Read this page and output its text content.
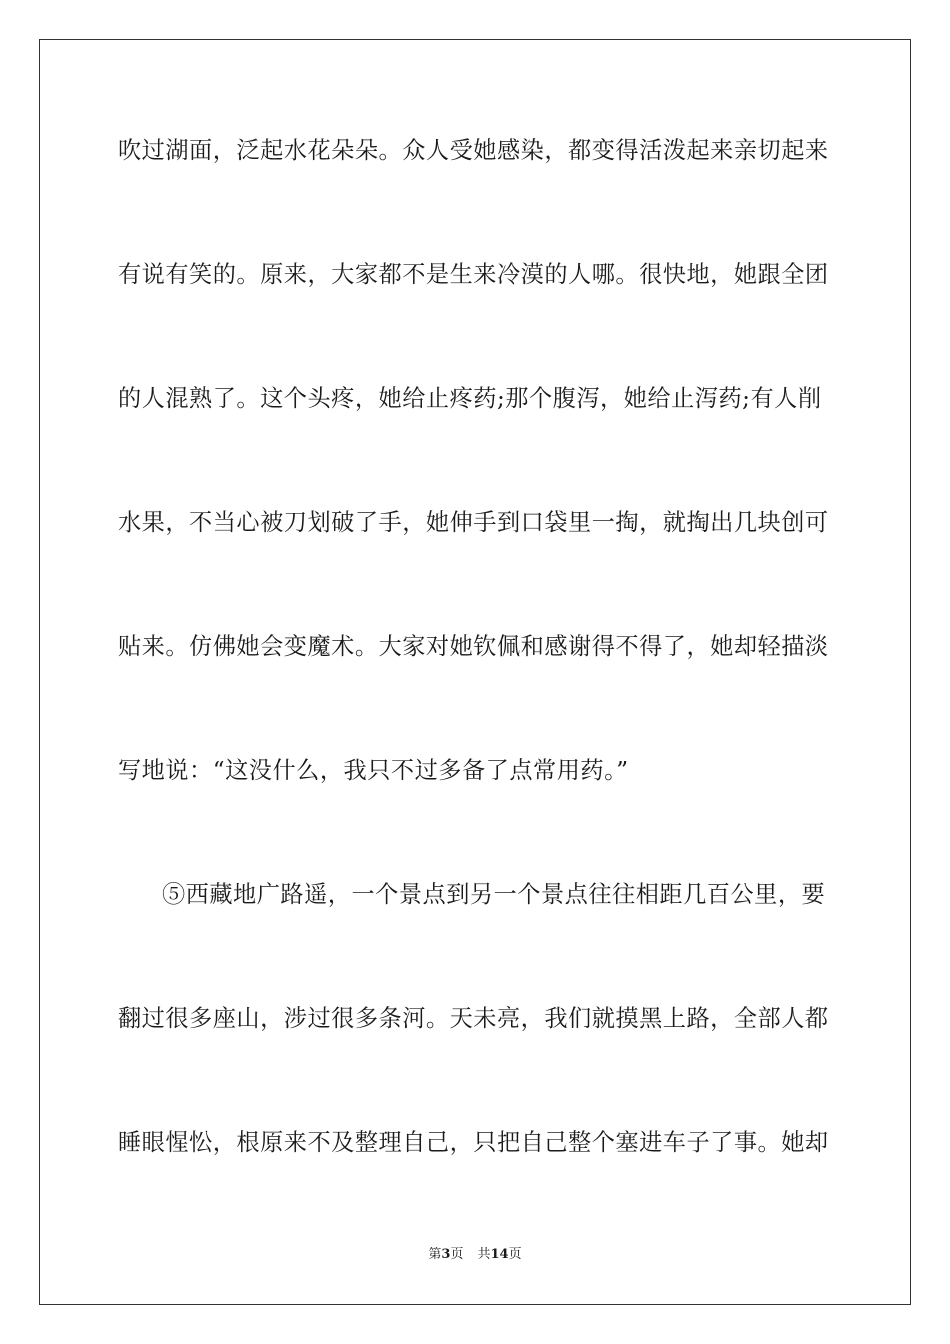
吹过湖面，泛起水花朵朵。众人受她感染，都变得活泼起来亲切起来
有说有笑的。原来，大家都不是生来冷漠的人哪。很快地，她跟全团
的人混熟了。这个头疼，她给止疼药;那个腹泻，她给止泻药;有人削
水果，不当心被刀划破了手，她伸手到口袋里一掏，就掏出几块创可
贴来。仿佛她会变魔术。大家对她钦佩和感谢得不得了，她却轻描淡
写地说：“这没什么，我只不过多备了点常用药。”
⑤西藏地广路遥，一个景点到另一个景点往往相距几百公里，要
翻过很多座山，涉过很多条河。天未亮，我们就摸黑上路，全部人都
睡眼惺忪，根原来不及整理自己，只把自己整个塞进车子了事。她却
第3页 共14页
